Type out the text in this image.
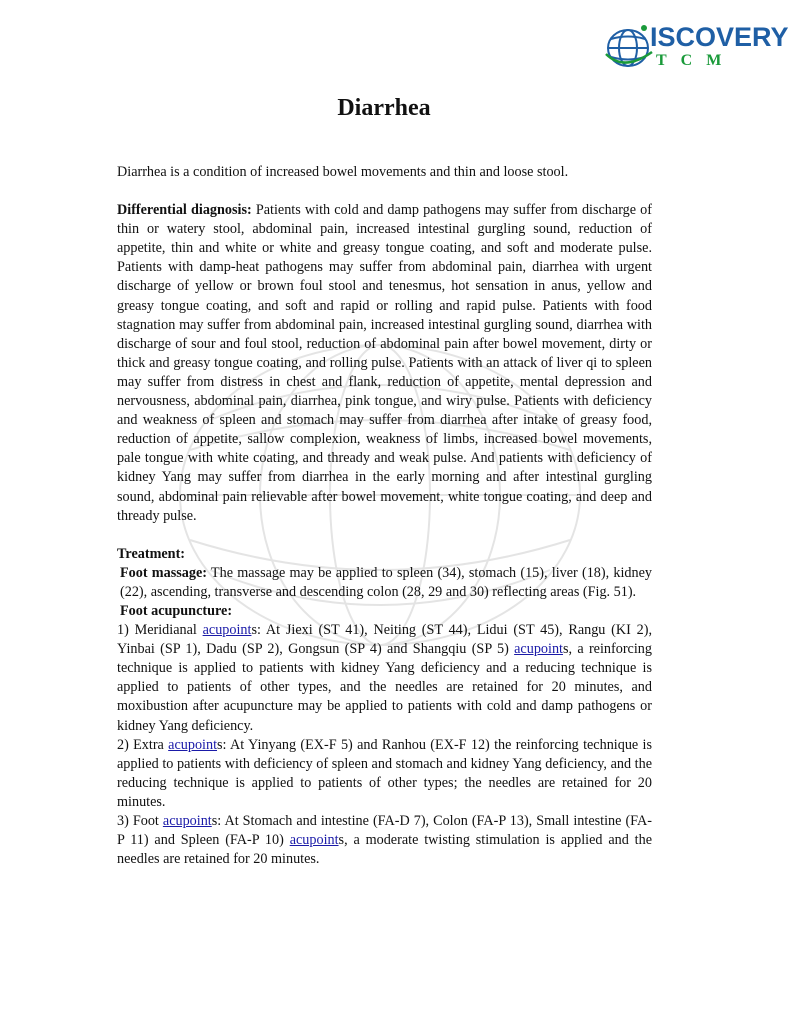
ISCOVERY
TCM
Diarrhea

Diarrhea is a condition of increased bowel movements and thin and loose stool.

Differential diagnosis: Patients with cold and damp pathogens may suffer from discharge of thin or watery stool, abdominal pain, increased intestinal gurgling sound, reduction of appetite, thin and white or white and greasy tongue coating, and soft and moderate pulse. Patients with damp-heat pathogens may suffer from abdominal pain, diarrhea with urgent discharge of yellow or brown foul stool and tenesmus, hot sensation in anus, yellow and greasy tongue coating, and soft and rapid or rolling and rapid pulse. Patients with food stagnation may suffer from abdominal pain, increased intestinal gurgling sound, diarrhea with discharge of sour and foul stool, reduction of abdominal pain after bowel movement, dirty or thick and greasy tongue coating, and rolling pulse. Patients with an attack of liver qi to spleen may suffer from distress in chest and flank, reduction of appetite, mental depression and nervousness, abdominal pain, diarrhea, pink tongue, and wiry pulse. Patients with deficiency and weakness of spleen and stomach may suffer from diarrhea after intake of greasy food, reduction of appetite, sallow complexion, weakness of limbs, increased bowel movements, pale tongue with white coating, and thready and weak pulse. And patients with deficiency of kidney Yang may suffer from diarrhea in the early morning and after intestinal gurgling sound, abdominal pain relievable after bowel movement, white tongue coating, and deep and thready pulse.

Treatment:

Foot massage: The massage may be applied to spleen (34), stomach (15), liver (18), kidney (22), ascending, transverse and descending colon (28, 29 and 30) reflecting areas (Fig. 51).

Foot acupuncture:

1) Meridianal acupoints: At Jiexi (ST 41), Neiting (ST 44), Lidui (ST 45), Rangu (KI 2), Yinbai (SP 1), Dadu (SP 2), Gongsun (SP 4) and Shangqiu (SP 5) acupoints, a reinforcing technique is applied to patients with kidney Yang deficiency and a reducing technique is applied to patients of other types, and the needles are retained for 20 minutes, and moxibustion after acupuncture may be applied to patients with cold and damp pathogens or kidney Yang deficiency.

2) Extra acupoints: At Yinyang (EX-F 5) and Ranhou (EX-F 12) the reinforcing technique is applied to patients with deficiency of spleen and stomach and kidney Yang deficiency, and the reducing technique is applied to patients of other types; the needles are retained for 20 minutes.

3) Foot acupoints: At Stomach and intestine (FA-D 7), Colon (FA-P 13), Small intestine (FA-P 11) and Spleen (FA-P 10) acupoints, a moderate twisting stimulation is applied and the needles are retained for 20 minutes.
